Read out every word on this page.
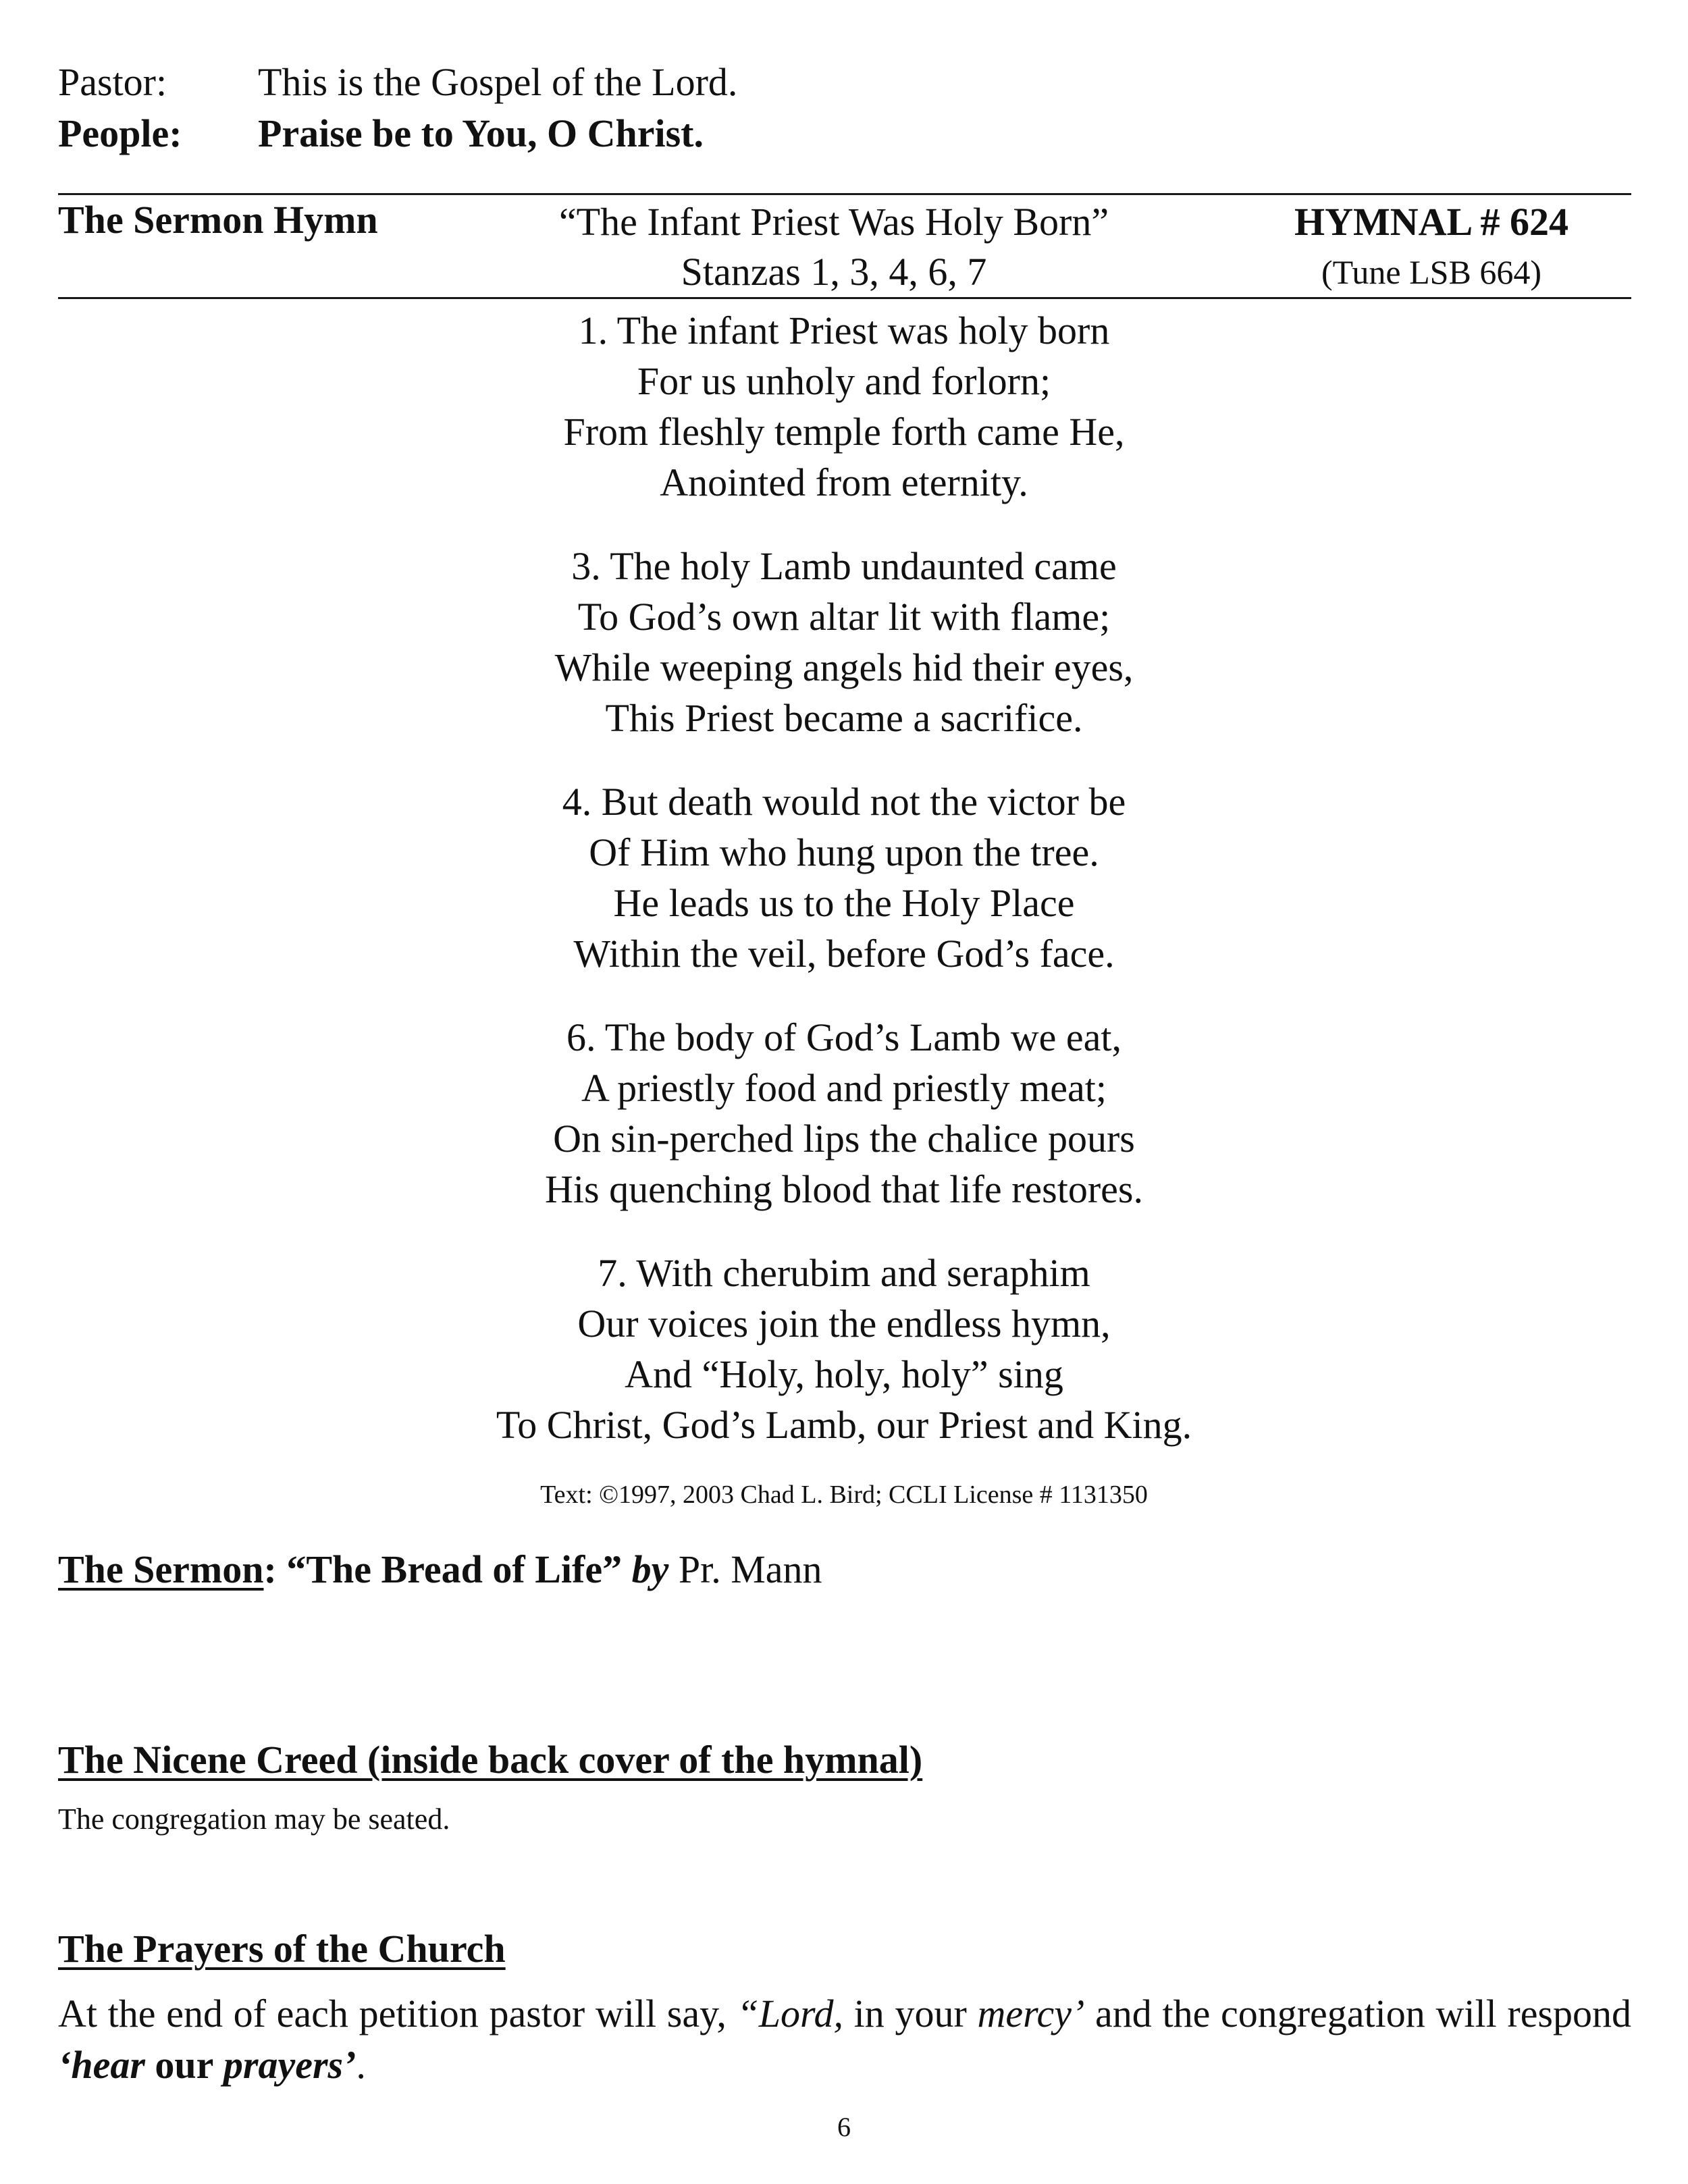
Pastor: This is the Gospel of the Lord.
People: Praise be to You, O Christ.
The Sermon Hymn	“The Infant Priest Was Holy Born”
Stanzas 1, 3, 4, 6, 7
HYMNAL # 624
(Tune LSB 664)
1. The infant Priest was holy born
For us unholy and forlorn;
From fleshly temple forth came He,
Anointed from eternity.
3. The holy Lamb undaunted came
To God’s own altar lit with flame;
While weeping angels hid their eyes,
This Priest became a sacrifice.
4. But death would not the victor be
Of Him who hung upon the tree.
He leads us to the Holy Place
Within the veil, before God’s face.
6. The body of God’s Lamb we eat,
A priestly food and priestly meat;
On sin-perched lips the chalice pours
His quenching blood that life restores.
7. With cherubim and seraphim
Our voices join the endless hymn,
And “Holy, holy, holy” sing
To Christ, God’s Lamb, our Priest and King.
Text: ©1997, 2003 Chad L. Bird; CCLI License # 1131350
The Sermon: “The Bread of Life” by Pr. Mann
The Nicene Creed (inside back cover of the hymnal)
The congregation may be seated.
The Prayers of the Church
At the end of each petition pastor will say, “Lord, in your mercy’ and the congregation will respond ‘hear our prayers’.
6
